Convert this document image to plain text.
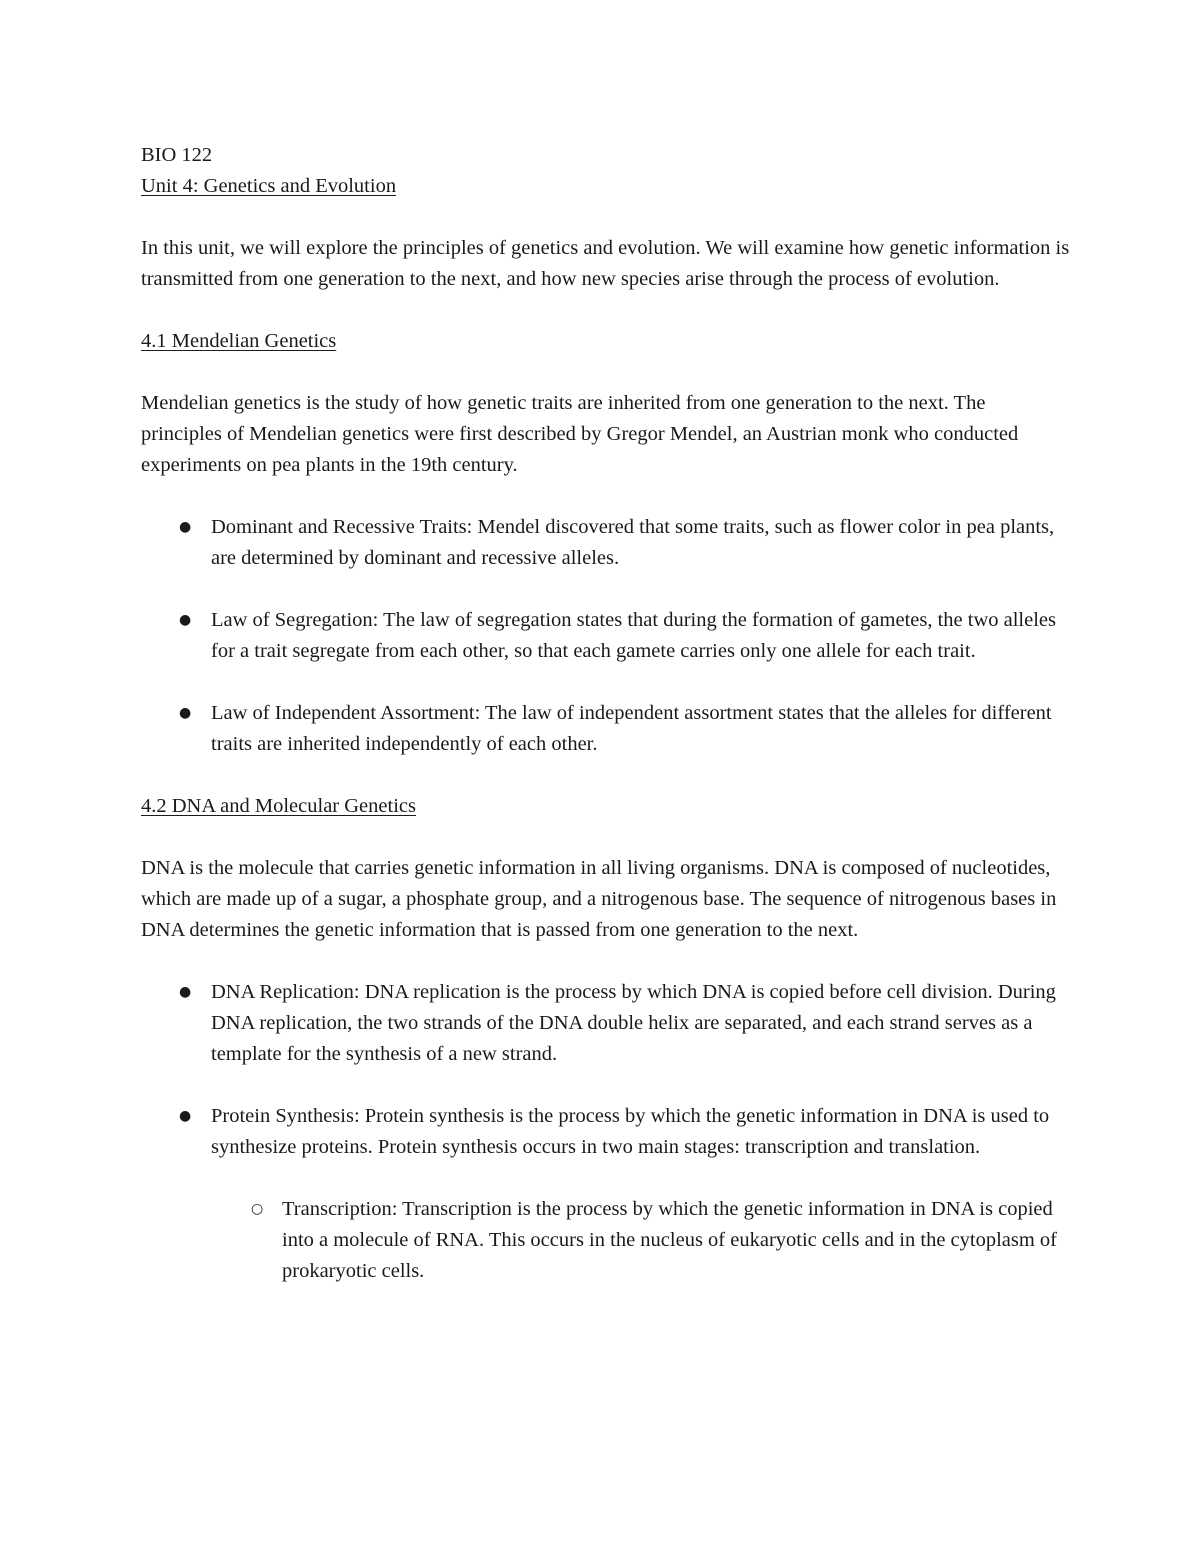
BIO 122

Unit 4: Genetics and Evolution

In this unit, we will explore the principles of genetics and evolution. We will examine how genetic information is transmitted from one generation to the next, and how new species arise through the process of evolution.

4.1 Mendelian Genetics

Mendelian genetics is the study of how genetic traits are inherited from one generation to the next. The principles of Mendelian genetics were first described by Gregor Mendel, an Austrian monk who conducted experiments on pea plants in the 19th century.

● Dominant and Recessive Traits: Mendel discovered that some traits, such as flower color in pea plants, are determined by dominant and recessive alleles.
● Law of Segregation: The law of segregation states that during the formation of gametes, the two alleles for a trait segregate from each other, so that each gamete carries only one allele for each trait.
● Law of Independent Assortment: The law of independent assortment states that the alleles for different traits are inherited independently of each other.

4.2 DNA and Molecular Genetics

DNA is the molecule that carries genetic information in all living organisms. DNA is composed of nucleotides, which are made up of a sugar, a phosphate group, and a nitrogenous base. The sequence of nitrogenous bases in DNA determines the genetic information that is passed from one generation to the next.

● DNA Replication: DNA replication is the process by which DNA is copied before cell division. During DNA replication, the two strands of the DNA double helix are separated, and each strand serves as a template for the synthesis of a new strand.
● Protein Synthesis: Protein synthesis is the process by which the genetic information in DNA is used to synthesize proteins. Protein synthesis occurs in two main stages: transcription and translation.
○ Transcription: Transcription is the process by which the genetic information in DNA is copied into a molecule of RNA. This occurs in the nucleus of eukaryotic cells and in the cytoplasm of prokaryotic cells.
